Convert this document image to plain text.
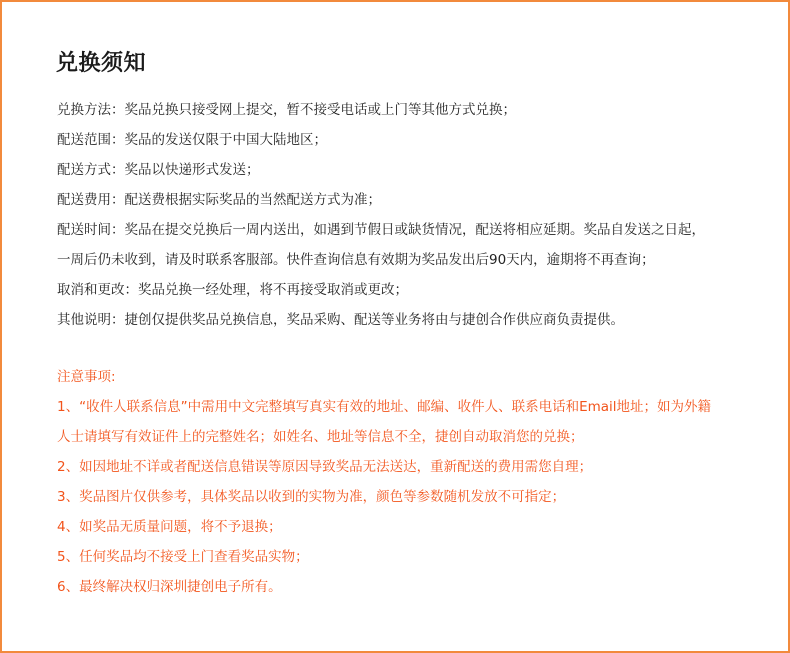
兑换须知
兑换方法：奖品兑换只接受网上提交，暂不接受电话或上门等其他方式兑换；
配送范围：奖品的发送仅限于中国大陆地区；
配送方式：奖品以快递形式发送；
配送费用：配送费根据实际奖品的当然配送方式为准；
配送时间：奖品在提交兑换后一周内送出，如遇到节假日或缺货情况，配送将相应延期。奖品自发送之日起，
一周后仍未收到，请及时联系客服部。快件查询信息有效期为奖品发出后90天内，逾期将不再查询；
取消和更改：奖品兑换一经处理，将不再接受取消或更改；
其他说明：捷创仅提供奖品兑换信息，奖品采购、配送等业务将由与捷创合作供应商负责提供。
注意事项:
1、“收件人联系信息”中需用中文完整填写真实有效的地址、邮编、收件人、联系电话和Email地址；如为外籍
人士请填写有效证件上的完整姓名；如姓名、地址等信息不全，捷创自动取消您的兑换；
2、如因地址不详或者配送信息错误等原因导致奖品无法送达，重新配送的费用需您自理；
3、奖品图片仅供参考，具体奖品以收到的实物为准，颜色等参数随机发放不可指定；
4、如奖品无质量问题，将不予退换；
5、任何奖品均不接受上门查看奖品实物；
6、最终解决权归深圳捷创电子所有。
